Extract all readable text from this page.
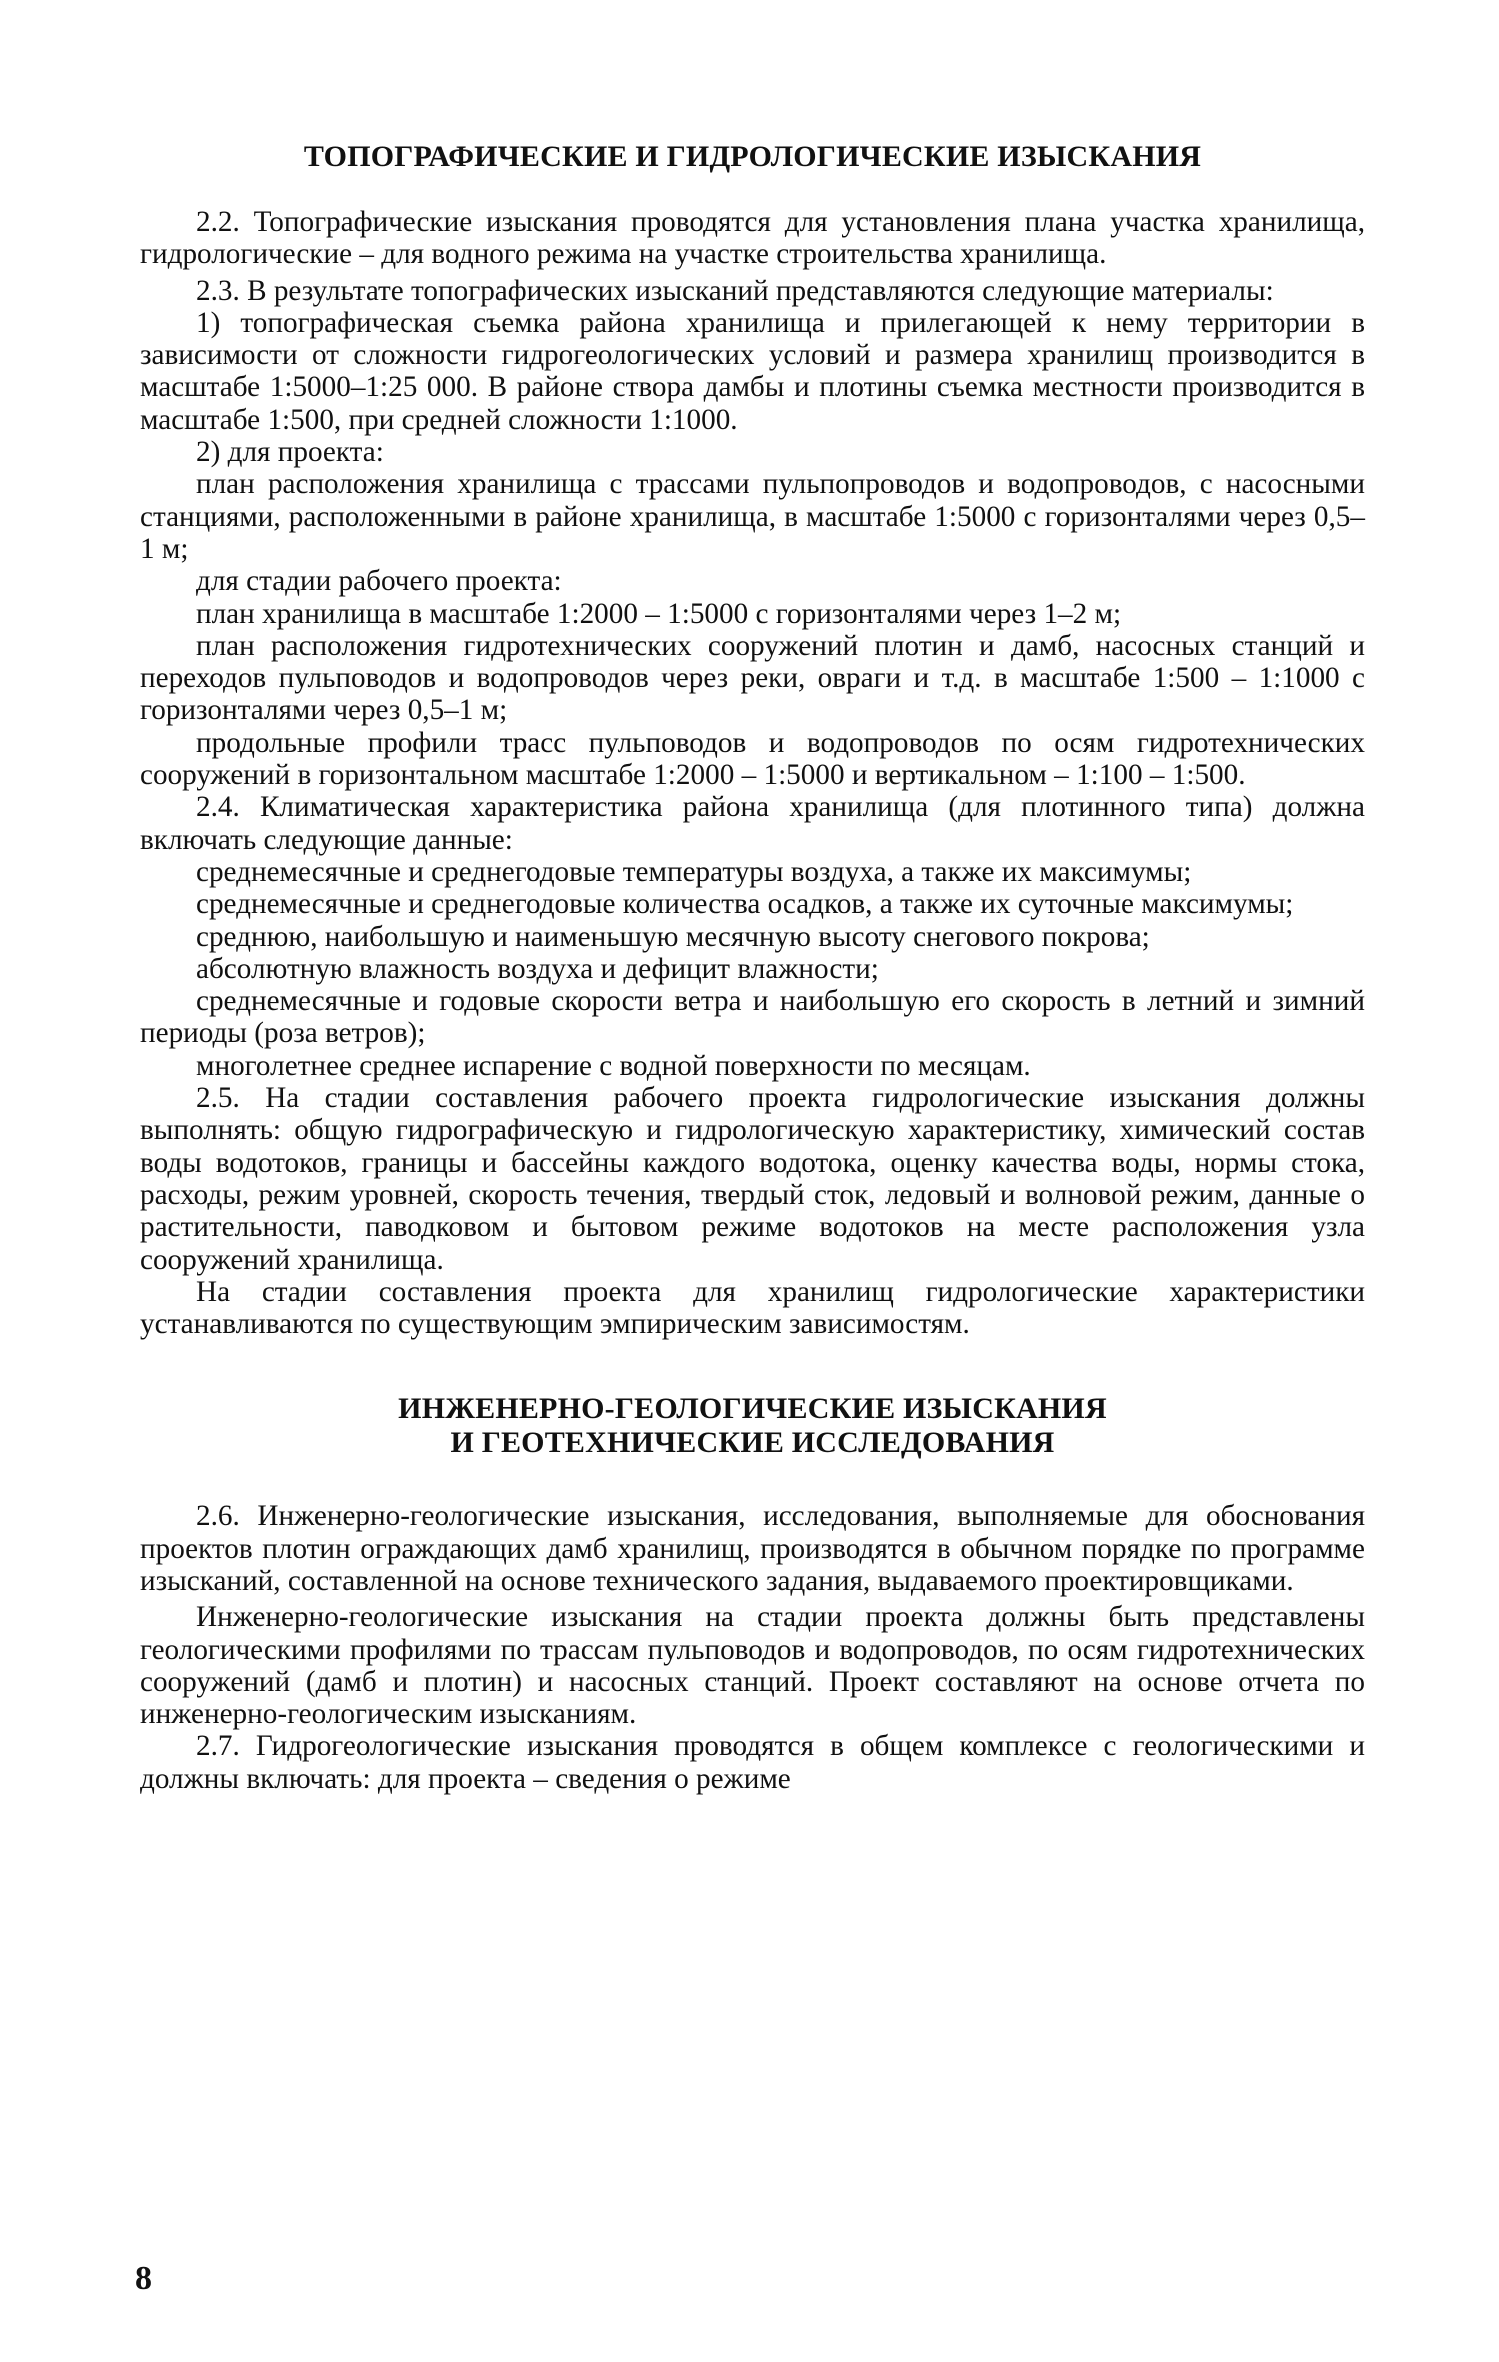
ТОПОГРАФИЧЕСКИЕ И ГИДРОЛОГИЧЕСКИЕ ИЗЫСКАНИЯ

2.2. Топографические изыскания проводятся для установления плана участка хранилища, гидрологические – для водного режима на участке строительства хранилища.

2.3. В результате топографических изысканий представляются следующие материалы:

1) топографическая съемка района хранилища и прилегающей к нему территории в зависимости от сложности гидрогеологических условий и размера хранилищ производится в масштабе 1:5000–1:25 000. В районе створа дамбы и плотины съемка местности производится в масштабе 1:500, при средней сложности 1:1000.

2) для проекта:

план расположения хранилища с трассами пульпопроводов и водопроводов, с насосными станциями, расположенными в районе хранилища, в масштабе 1:5000 с горизонталями через 0,5–1 м;

для стадии рабочего проекта:

план хранилища в масштабе 1:2000 – 1:5000 с горизонталями через 1–2 м;

план расположения гидротехнических сооружений плотин и дамб, насосных станций и переходов пульповодов и водопроводов через реки, овраги и т.д. в масштабе 1:500 – 1:1000 с горизонталями через 0,5–1 м;

продольные профили трасс пульповодов и водопроводов по осям гидротехнических сооружений в горизонтальном масштабе 1:2000 – 1:5000 и вертикальном – 1:100 – 1:500.

2.4. Климатическая характеристика района хранилища (для плотинного типа) должна включать следующие данные:

среднемесячные и среднегодовые температуры воздуха, а также их максимумы;

среднемесячные и среднегодовые количества осадков, а также их суточные максимумы;

среднюю, наибольшую и наименьшую месячную высоту снегового покрова;

абсолютную влажность воздуха и дефицит влажности;

среднемесячные и годовые скорости ветра и наибольшую его скорость в летний и зимний периоды (роза ветров);

многолетнее среднее испарение с водной поверхности по месяцам.

2.5. На стадии составления рабочего проекта гидрологические изыскания должны выполнять: общую гидрографическую и гидрологическую характеристику, химический состав воды водотоков, границы и бассейны каждого водотока, оценку качества воды, нормы стока, расходы, режим уровней, скорость течения, твердый сток, ледовый и волновой режим, данные о растительности, паводковом и бытовом режиме водотоков на месте расположения узла сооружений хранилища.

На стадии составления проекта для хранилищ гидрологические характеристики устанавливаются по существующим эмпирическим зависимостям.

ИНЖЕНЕРНО-ГЕОЛОГИЧЕСКИЕ ИЗЫСКАНИЯ
И ГЕОТЕХНИЧЕСКИЕ ИССЛЕДОВАНИЯ

2.6. Инженерно-геологические изыскания, исследования, выполняемые для обоснования проектов плотин ограждающих дамб хранилищ, производятся в обычном порядке по программе изысканий, составленной на основе технического задания, выдаваемого проектировщиками.

Инженерно-геологические изыскания на стадии проекта должны быть представлены геологическими профилями по трассам пульповодов и водопроводов, по осям гидротехнических сооружений (дамб и плотин) и насосных станций. Проект составляют на основе отчета по инженерно-геологическим изысканиям.

2.7. Гидрогеологические изыскания проводятся в общем комплексе с геологическими и должны включать: для проекта – сведения о режиме

8
